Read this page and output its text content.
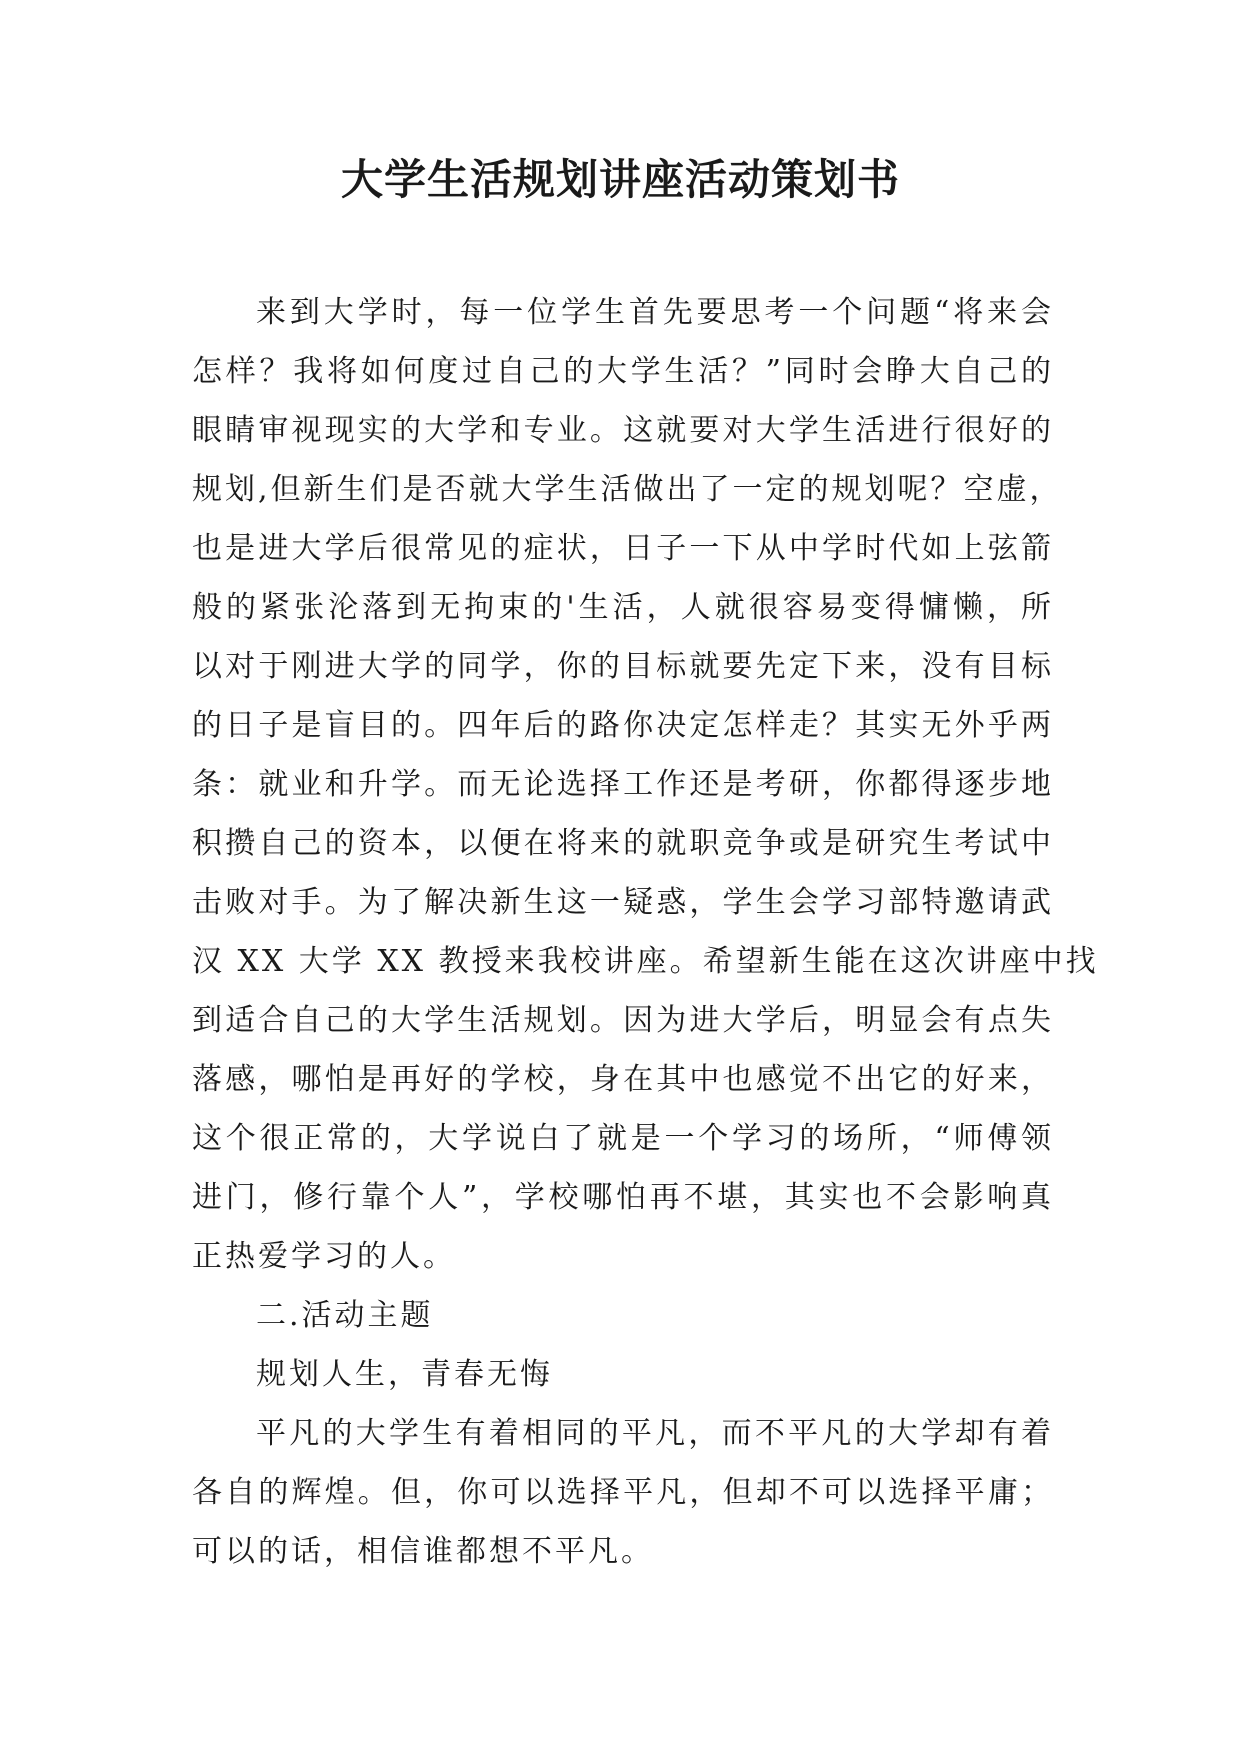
大学生活规划讲座活动策划书
来到大学时，每一位学生首先要思考一个问题“将来会
怎样？我将如何度过自己的大学生活？”同时会睁大自己的
眼睛审视现实的大学和专业。这就要对大学生活进行很好的
规划,但新生们是否就大学生活做出了一定的规划呢？空虚，
也是进大学后很常见的症状，日子一下从中学时代如上弦箭
般的紧张沦落到无拘束的'生活，人就很容易变得慵懒，所
以对于刚进大学的同学，你的目标就要先定下来，没有目标
的日子是盲目的。四年后的路你决定怎样走？其实无外乎两
条：就业和升学。而无论选择工作还是考研，你都得逐步地
积攒自己的资本，以便在将来的就职竞争或是研究生考试中
击败对手。为了解决新生这一疑惑，学生会学习部特邀请武
汉 XX 大学 XX 教授来我校讲座。希望新生能在这次讲座中找
到适合自己的大学生活规划。因为进大学后，明显会有点失
落感，哪怕是再好的学校，身在其中也感觉不出它的好来，
这个很正常的，大学说白了就是一个学习的场所，“师傅领
进门，修行靠个人”，学校哪怕再不堪，其实也不会影响真
正热爱学习的人。
二.活动主题
规划人生，青春无悔
平凡的大学生有着相同的平凡，而不平凡的大学却有着
各自的辉煌。但，你可以选择平凡，但却不可以选择平庸；
可以的话，相信谁都想不平凡。
